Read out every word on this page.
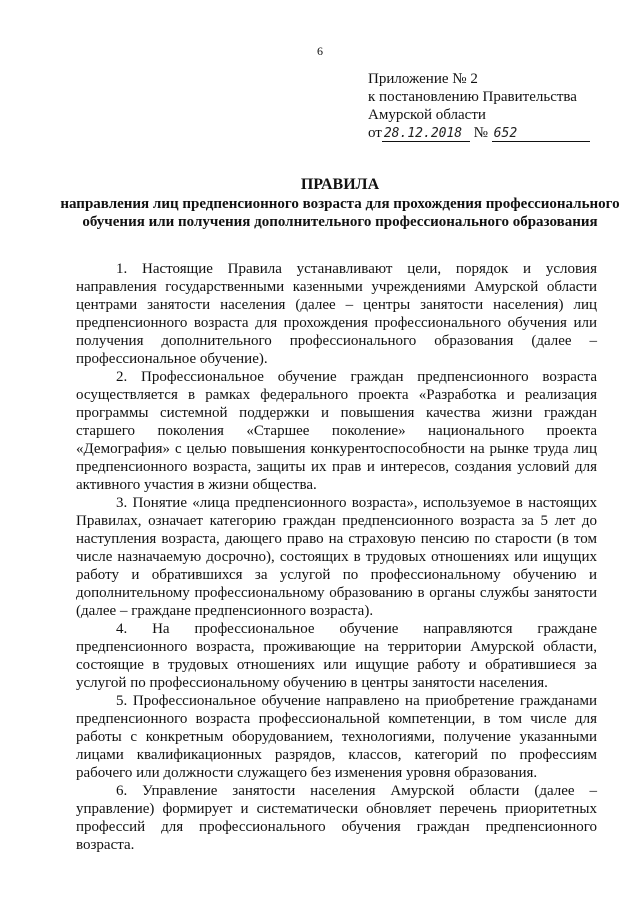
6
Приложение № 2
к постановлению Правительства
Амурской области
от 28.12.2018 № 652
ПРАВИЛА
направления лиц предпенсионного возраста для прохождения профессионального обучения или получения дополнительного профессионального образования

1. Настоящие Правила устанавливают цели, порядок и условия направления государственными казенными учреждениями Амурской области центрами занятости населения (далее – центры занятости населения) лиц предпенсионного возраста для прохождения профессионального обучения или получения дополнительного профессионального образования (далее – профессиональное обучение).

2. Профессиональное обучение граждан предпенсионного возраста осуществляется в рамках федерального проекта «Разработка и реализация программы системной поддержки и повышения качества жизни граждан старшего поколения «Старшее поколение» национального проекта «Демография» с целью повышения конкурентоспособности на рынке труда лиц предпенсионного возраста, защиты их прав и интересов, создания условий для активного участия в жизни общества.

3. Понятие «лица предпенсионного возраста», используемое в настоящих Правилах, означает категорию граждан предпенсионного возраста за 5 лет до наступления возраста, дающего право на страховую пенсию по старости (в том числе назначаемую досрочно), состоящих в трудовых отношениях или ищущих работу и обратившихся за услугой по профессиональному обучению и дополнительному профессиональному образованию в органы службы занятости (далее – граждане предпенсионного возраста).

4. На профессиональное обучение направляются граждане предпенсионного возраста, проживающие на территории Амурской области, состоящие в трудовых отношениях или ищущие работу и обратившиеся за услугой по профессиональному обучению в центры занятости населения.

5. Профессиональное обучение направлено на приобретение гражданами предпенсионного возраста профессиональной компетенции, в том числе для работы с конкретным оборудованием, технологиями, получение указанными лицами квалификационных разрядов, классов, категорий по профессиям рабочего или должности служащего без изменения уровня образования.

6. Управление занятости населения Амурской области (далее – управление) формирует и систематически обновляет перечень приоритетных профессий для профессионального обучения граждан предпенсионного возраста.
